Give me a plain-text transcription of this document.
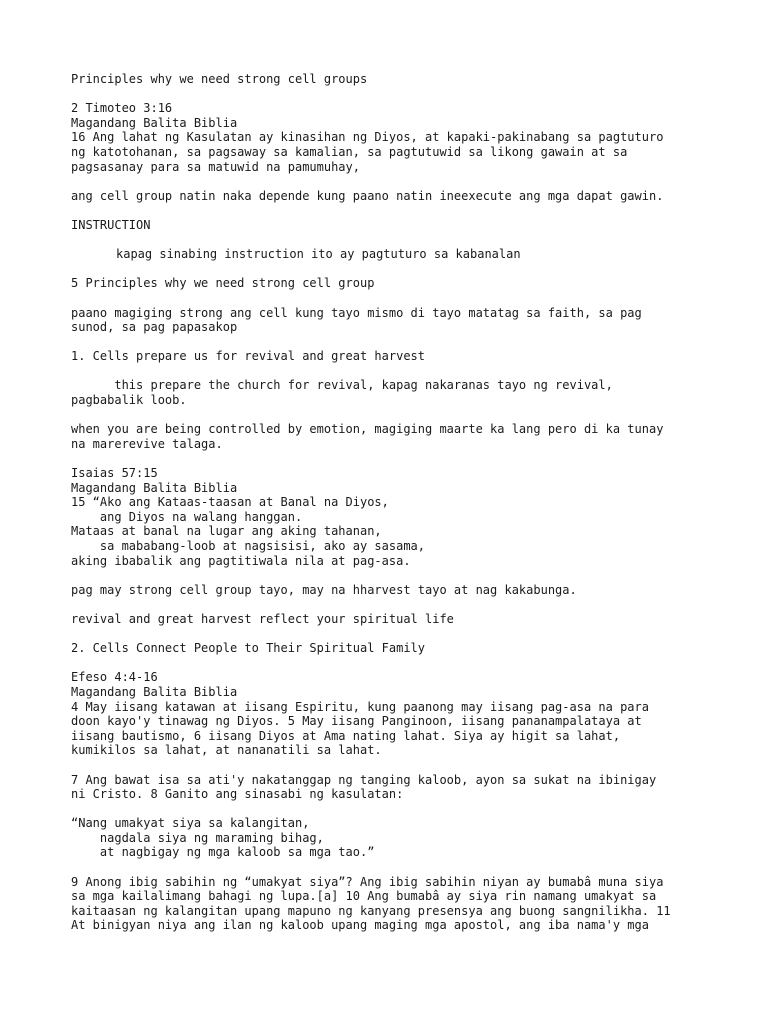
Principles why we need strong cell groups
2 Timoteo 3:16
Magandang Balita Biblia
16 Ang lahat ng Kasulatan ay kinasihan ng Diyos, at kapaki-pakinabang sa pagtuturo
ng katotohanan, sa pagsaway sa kamalian, sa pagtutuwid sa likong gawain at sa
pagsasanay para sa matuwid na pamumuhay,
ang cell group natin naka depende kung paano natin ineexecute ang mga dapat gawin.
INSTRUCTION
kapag sinabing instruction ito ay pagtuturo sa kabanalan
5 Principles why we need strong cell group
paano magiging strong ang cell kung tayo mismo di tayo matatag sa faith, sa pag
sunod, sa pag papasakop
1. Cells prepare us for revival and great harvest
this prepare the church for revival, kapag nakaranas tayo ng revival,
pagbabalik loob.
when you are being controlled by emotion, magiging maarte ka lang pero di ka tunay
na marerevive talaga.
Isaias 57:15
Magandang Balita Biblia
15 “Ako ang Kataas-taasan at Banal na Diyos,
ang Diyos na walang hanggan.
Mataas at banal na lugar ang aking tahanan,
sa mababang-loob at nagsisisi, ako ay sasama,
aking ibabalik ang pagtitiwala nila at pag-asa.
pag may strong cell group tayo, may na hharvest tayo at nag kakabunga.
revival and great harvest reflect your spiritual life
2. Cells Connect People to Their Spiritual Family
Efeso 4:4-16
Magandang Balita Biblia
4 May iisang katawan at iisang Espiritu, kung paanong may iisang pag-asa na para
doon kayo'y tinawag ng Diyos. 5 May iisang Panginoon, iisang pananampalataya at
iisang bautismo, 6 iisang Diyos at Ama nating lahat. Siya ay higit sa lahat,
kumikilos sa lahat, at nananatili sa lahat.
7 Ang bawat isa sa ati'y nakatanggap ng tanging kaloob, ayon sa sukat na ibinigay
ni Cristo. 8 Ganito ang sinasabi ng kasulatan:
“Nang umakyat siya sa kalangitan,
nagdala siya ng maraming bihag,
at nagbigay ng mga kaloob sa mga tao.”
9 Anong ibig sabihin ng “umakyat siya”? Ang ibig sabihin niyan ay bumabâ muna siya
sa mga kailalimang bahagi ng lupa.[a] 10 Ang bumabâ ay siya rin namang umakyat sa
kaitaasan ng kalangitan upang mapuno ng kanyang presensya ang buong sangnilikha. 11
At binigyan niya ang ilan ng kaloob upang maging mga apostol, ang iba nama'y mga
